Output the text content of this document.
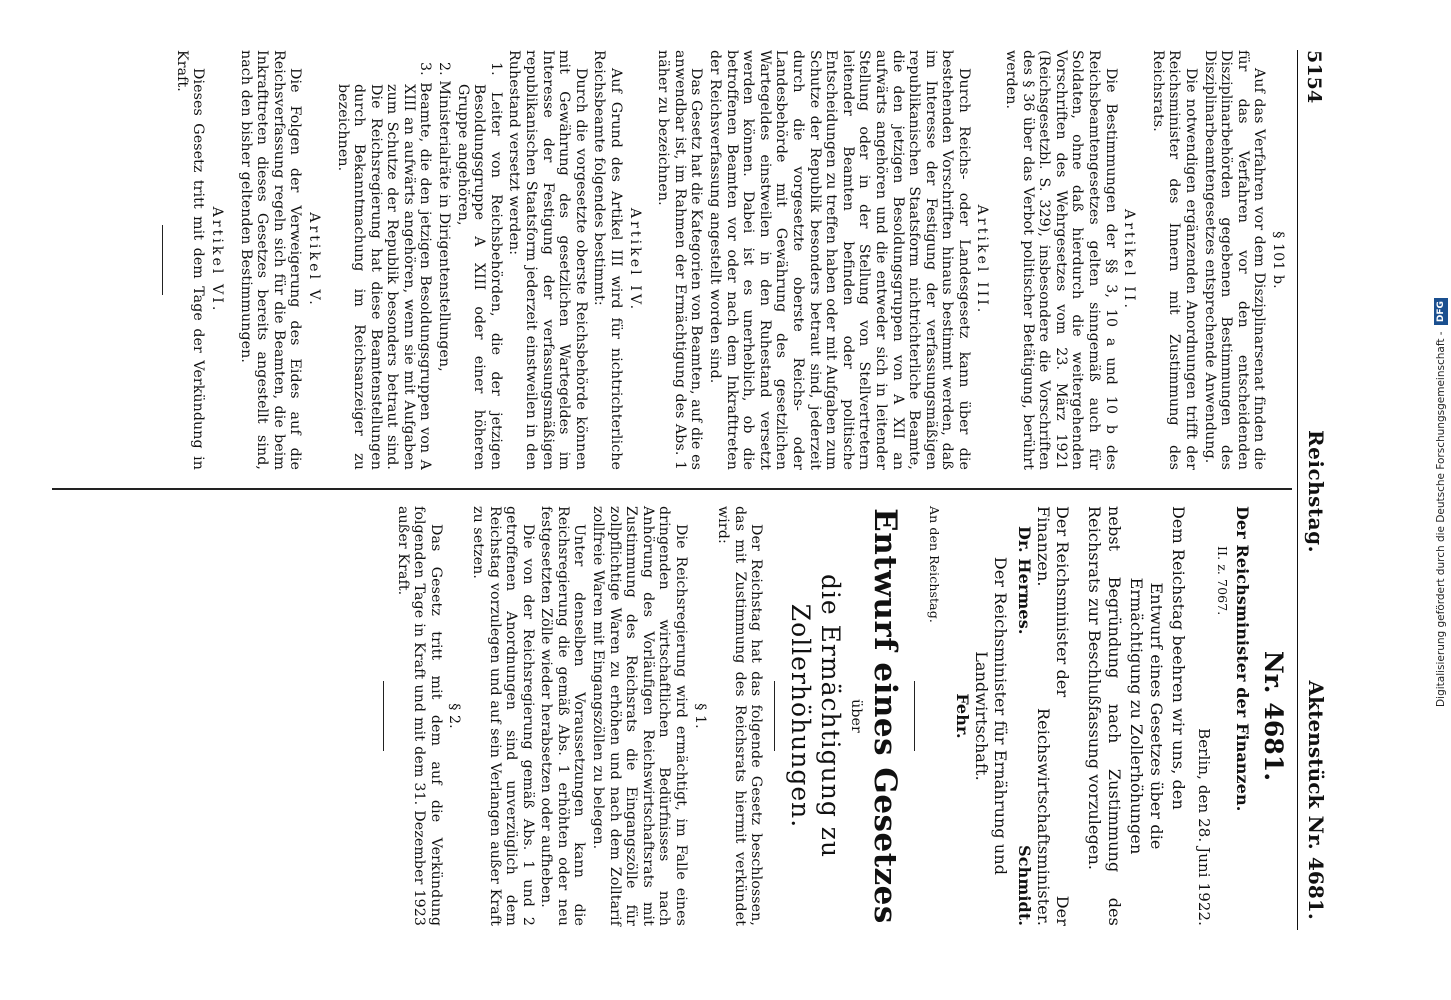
5154
Reichstag.
Aktenstück Nr. 4681.

§ 101 b.

Auf das Verfahren vor dem Disziplinarsenat finden die für das Verfahren vor den entscheidenden Disziplinarbehörden gegebenen Bestimmungen des Disziplinarbeamtengesetzes entsprechende Anwendung.

Die notwendigen ergänzenden Anordnungen trifft der Reichsminister des Innern mit Zustimmung des Reichsrats.

Artikel II.

Die Bestimmungen der §§ 3, 10 a und 10 b des Reichsbeamtengesetzes gelten sinngemäß auch für Soldaten, ohne daß hierdurch die weitergehenden Vorschriften des Wehrgesetzes vom 23. März 1921 (Reichsgesetzbl. S. 329), insbesondere die Vorschriften des § 36 über das Verbot politischer Betätigung, berührt werden.

Artikel III.

Durch Reichs- oder Landesgesetz kann über die bestehenden Vorschriften hinaus bestimmt werden, daß im Interesse der Festigung der verfassungsmäßigen republikanischen Staatsform nichtrichterliche Beamte, die den jetzigen Besoldungsgruppen von A XII an aufwärts angehören und die entweder sich in leitender Stellung oder in der Stellung von Stellvertretern leitender Beamten befinden oder politische Entscheidungen zu treffen haben oder mit Aufgaben zum Schutze der Republik besonders betraut sind, jederzeit durch die vorgesetzte oberste Reichs- oder Landesbehörde mit Gewährung des gesetzlichen Wartegeldes einstweilen in den Ruhestand versetzt werden können. Dabei ist es unerheblich, ob die betroffenen Beamten vor oder nach dem Inkrafttreten der Reichsverfassung angestellt worden sind.

Das Gesetz hat die Kategorien von Beamten, auf die es anwendbar ist, im Rahmen der Ermächtigung des Abs. 1 näher zu bezeichnen.

Artikel IV.

Auf Grund des Artikel III wird für nichtrichterliche Reichsbeamte folgendes bestimmt:

Durch die vorgesetzte oberste Reichsbehörde können mit Gewährung des gesetzlichen Wartegeldes im Interesse der Festigung der verfassungsmäßigen republikanischen Staatsform jederzeit einstweilen in den Ruhestand versetzt werden:

1. Leiter von Reichsbehörden, die der jetzigen Besoldungsgruppe A XIII oder einer höheren Gruppe angehören,

2. Ministerialräte in Dirigentenstellungen,

3. Beamte, die den jetzigen Besoldungsgruppen von A XIII an aufwärts angehören, wenn sie mit Aufgaben zum Schutze der Republik besonders betraut sind. Die Reichsregierung hat diese Beamtenstellungen durch Bekanntmachung im Reichsanzeiger zu bezeichnen.

Artikel V.

Die Folgen der Verweigerung des Eides auf die Reichsverfassung regeln sich für die Beamten, die beim Inkrafttreten dieses Gesetzes bereits angestellt sind, nach den bisher geltenden Bestimmungen.

Artikel VI.

Dieses Gesetz tritt mit dem Tage der Verkündung in Kraft.

Nr. 4681.

Der Reichsminister der Finanzen.

II. z. 7067.

Berlin, den 28. Juni 1922.

Dem Reichstag beehren wir uns, den

Entwurf eines Gesetzes über die Ermächtigung zu Zollerhöhungen

nebst Begründung nach Zustimmung des Reichsrats zur Beschlußfassung vorzulegen.

Der Reichsminister der Finanzen.
Dr. Hermes.

Der Reichswirtschaftsminister.
Schmidt.

Der Reichsminister für Ernährung und Landwirtschaft.

Fehr.

An den Reichstag.

Entwurf eines Gesetzes

über

die Ermächtigung zu Zollerhöhungen.

Der Reichstag hat das folgende Gesetz beschlossen, das mit Zustimmung des Reichsrats hiermit verkündet wird:

§ 1.

Die Reichsregierung wird ermächtigt, im Falle eines dringenden wirtschaftlichen Bedürfnisses nach Anhörung des Vorläufigen Reichswirtschaftsrats mit Zustimmung des Reichsrats die Eingangszölle für zollpflichtige Waren zu erhöhen und nach dem Zolltarif zollfreie Waren mit Eingangszöllen zu belegen.

Unter denselben Voraussetzungen kann die Reichsregierung die gemäß Abs. 1 erhöhten oder neu festgesetzten Zölle wieder herabsetzen oder aufheben.

Die von der Reichsregierung gemäß Abs. 1 und 2 getroffenen Anordnungen sind unverzüglich dem Reichstag vorzulegen und auf sein Verlangen außer Kraft zu setzen.

§ 2.

Das Gesetz tritt mit dem auf die Verkündung folgenden Tage in Kraft und mit dem 31. Dezember 1923 außer Kraft.	Digitalisierung gefördert durch die Deutsche Forschungsgemeinschaft - DFG
